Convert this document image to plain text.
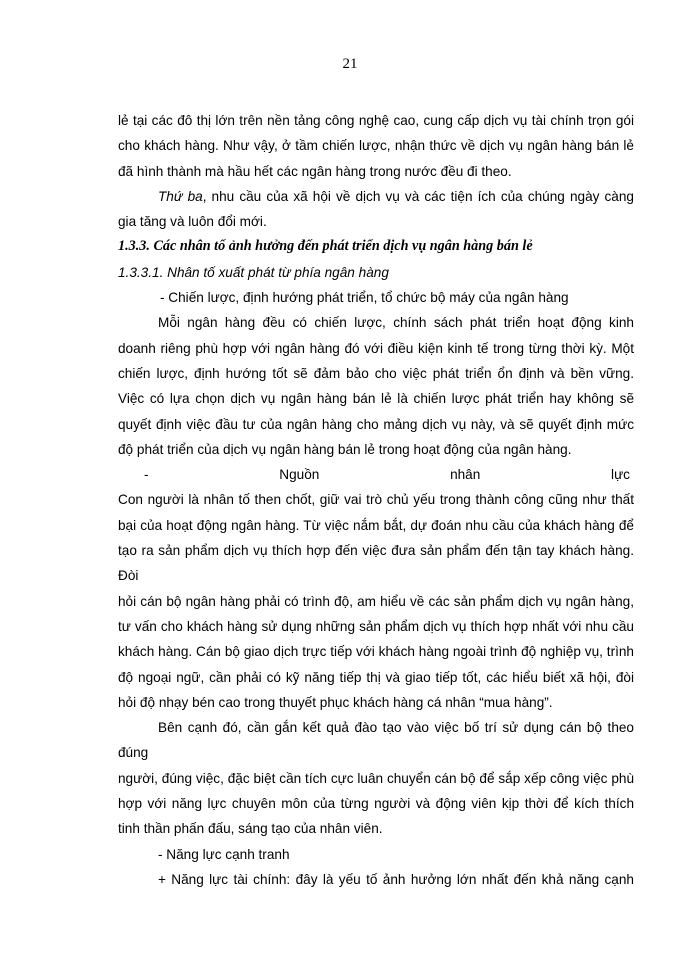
21

lẻ tại các đô thị lớn trên nền tảng công nghệ cao, cung cấp dịch vụ tài chính trọn gói

cho khách hàng. Như vậy, ở tầm chiến lược, nhận thức về dịch vụ ngân hàng bán lẻ

đã hình thành mà hầu hết các ngân hàng trong nước đều đi theo.

Thứ ba, nhu cầu của xã hội về dịch vụ và các tiện ích của chúng ngày càng

gia tăng và luôn đổi mới.

1.3.3. Các nhân tố ảnh hưởng đến phát triển dịch vụ ngân hàng bán lẻ

1.3.3.1. Nhân tố xuất phát từ phía ngân hàng

- Chiến lược, định hướng phát triển, tổ chức bộ máy của ngân hàng

Mỗi ngân hàng đều có chiến lược, chính sách phát triển hoạt động kinh

doanh riêng phù hợp với ngân hàng đó với điều kiện kinh tế trong từng thời kỳ. Một

chiến lược, định hướng tốt sẽ đảm bảo cho việc phát triển ổn định và bền vững.

Việc có lựa chọn dịch vụ ngân hàng bán lẻ là chiến lược phát triển hay không sẽ

quyết định việc đầu tư của ngân hàng cho mảng dịch vụ này, và sẽ quyết định mức

độ phát triển của dịch vụ ngân hàng bán lẻ trong hoạt động của ngân hàng.

-	Nguồn	nhân	lực

Con người là nhân tố then chốt, giữ vai trò chủ yếu trong thành công cũng như thất

bại của hoạt động ngân hàng. Từ việc nắm bắt, dự đoán nhu cầu của khách hàng để

tạo ra sản phẩm dịch vụ thích hợp đến việc đưa sản phẩm đến tận tay khách hàng. Đòi

hỏi cán bộ ngân hàng phải có trình độ, am hiểu về các sản phẩm dịch vụ ngân hàng,

tư vấn cho khách hàng sử dụng những sản phẩm dịch vụ thích hợp nhất với nhu cầu

khách hàng. Cán bộ giao dịch trực tiếp với khách hàng ngoài trình độ nghiệp vụ, trình

độ ngoại ngữ, cần phải có kỹ năng tiếp thị và giao tiếp tốt, các hiểu biết xã hội, đòi

hỏi độ nhạy bén cao trong thuyết phục khách hàng cá nhân “mua hàng”.

Bên cạnh đó, cần gắn kết quả đào tạo vào việc bố trí sử dụng cán bộ theo đúng

người, đúng việc, đặc biệt cần tích cực luân chuyển cán bộ để sắp xếp công việc phù

hợp với năng lực chuyên môn của từng người và động viên kịp thời để kích thích

tinh thần phấn đấu, sáng tạo của nhân viên.

- Năng lực cạnh tranh

+ Năng lực tài chính: đây là yếu tố ảnh hưởng lớn nhất đến khả năng cạnh
